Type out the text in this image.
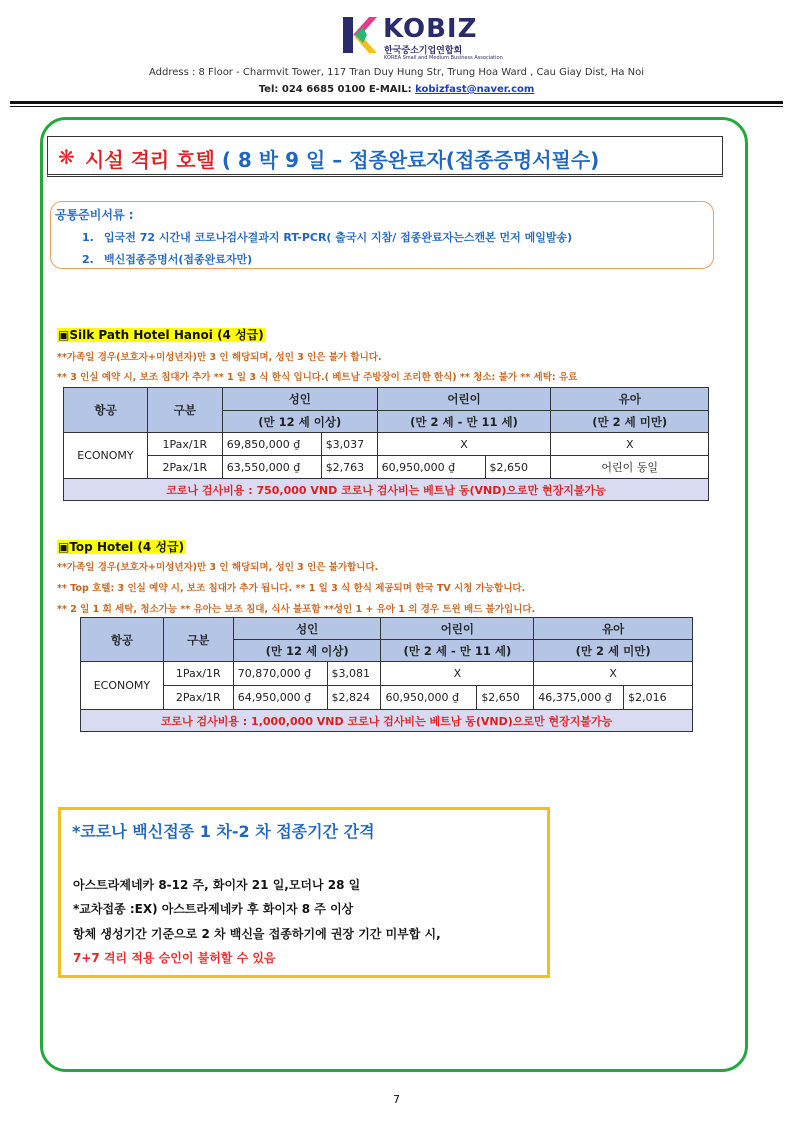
KOBIZ
한국중소기업연합회
KOREA Small and Medium Business Association
Address : 8 Floor - Charmvit Tower, 117 Tran Duy Hung Str, Trung Hoa Ward , Cau Giay Dist, Ha Noi
Tel: 024 6685 0100 E-MAIL: kobizfast@naver.com
❋ 시설 격리 호텔 ( 8 박 9 일 – 접종완료자(접종증명서필수)
공통준비서류 :
1. 입국전 72 시간내 코로나검사결과지 RT-PCR( 출국시 지참/ 접종완료자는스캔본 먼저 메일발송)
2. 백신접종증명서(접종완료자만)
▣Silk Path Hotel Hanoi (4 성급)
**가족일 경우(보호자+미성년자)만 3 인 해당되며, 성인 3 인은 불가 합니다.
** 3 인실 예약 시, 보조 침대가 추가 ** 1 일 3 식 한식 입니다.( 베트남 주방장이 조리한 한식) ** 청소: 불가 ** 세탁: 유료
항공	구분	성인		어린이		유아
		(만 12 세 이상)		(만 2 세 - 만 11 세)		(만 2 세 미만)
ECONOMY	1Pax/1R	69,850,000 ₫	$3,037	X		X
	2Pax/1R	63,550,000 ₫	$2,763	60,950,000 ₫	$2,650	어린이 동일
코로나 검사비용 : 750,000 VND 코로나 검사비는 베트남 동(VND)으로만 현장지불가능						
▣Top Hotel (4 성급)
**가족일 경우(보호자+미성년자)만 3 인 해당되며, 성인 3 인은 불가합니다.
** Top 호텔: 3 인실 예약 시, 보조 침대가 추가 됩니다. ** 1 일 3 식 한식 제공되며 한국 TV 시청 가능합니다.
** 2 일 1 회 세탁, 청소가능 ** 유아는 보조 침대, 식사 불포함 **성인 1 + 유아 1 의 경우 트윈 배드 불가입니다.
항공	구분	성인		어린이		유아	
		(만 12 세 이상)		(만 2 세 - 만 11 세)		(만 2 세 미만)	
ECONOMY	1Pax/1R	70,870,000 ₫	$3,081	X		X	
	2Pax/1R	64,950,000 ₫	$2,824	60,950,000 ₫	$2,650	46,375,000 ₫	$2,016
코로나 검사비용 : 1,000,000 VND 코로나 검사비는 베트남 동(VND)으로만 현장지불가능							
*코로나 백신접종 1 차-2 차 접종기간 간격
아스트라제네카 8-12 주, 화이자 21 일,모더나 28 일
*교차접종 :EX) 아스트라제네카 후 화이자 8 주 이상
항체 생성기간 기준으로 2 차 백신을 접종하기에 권장 기간 미부합 시,
7+7 격리 적용 승인이 불허할 수 있음
7
